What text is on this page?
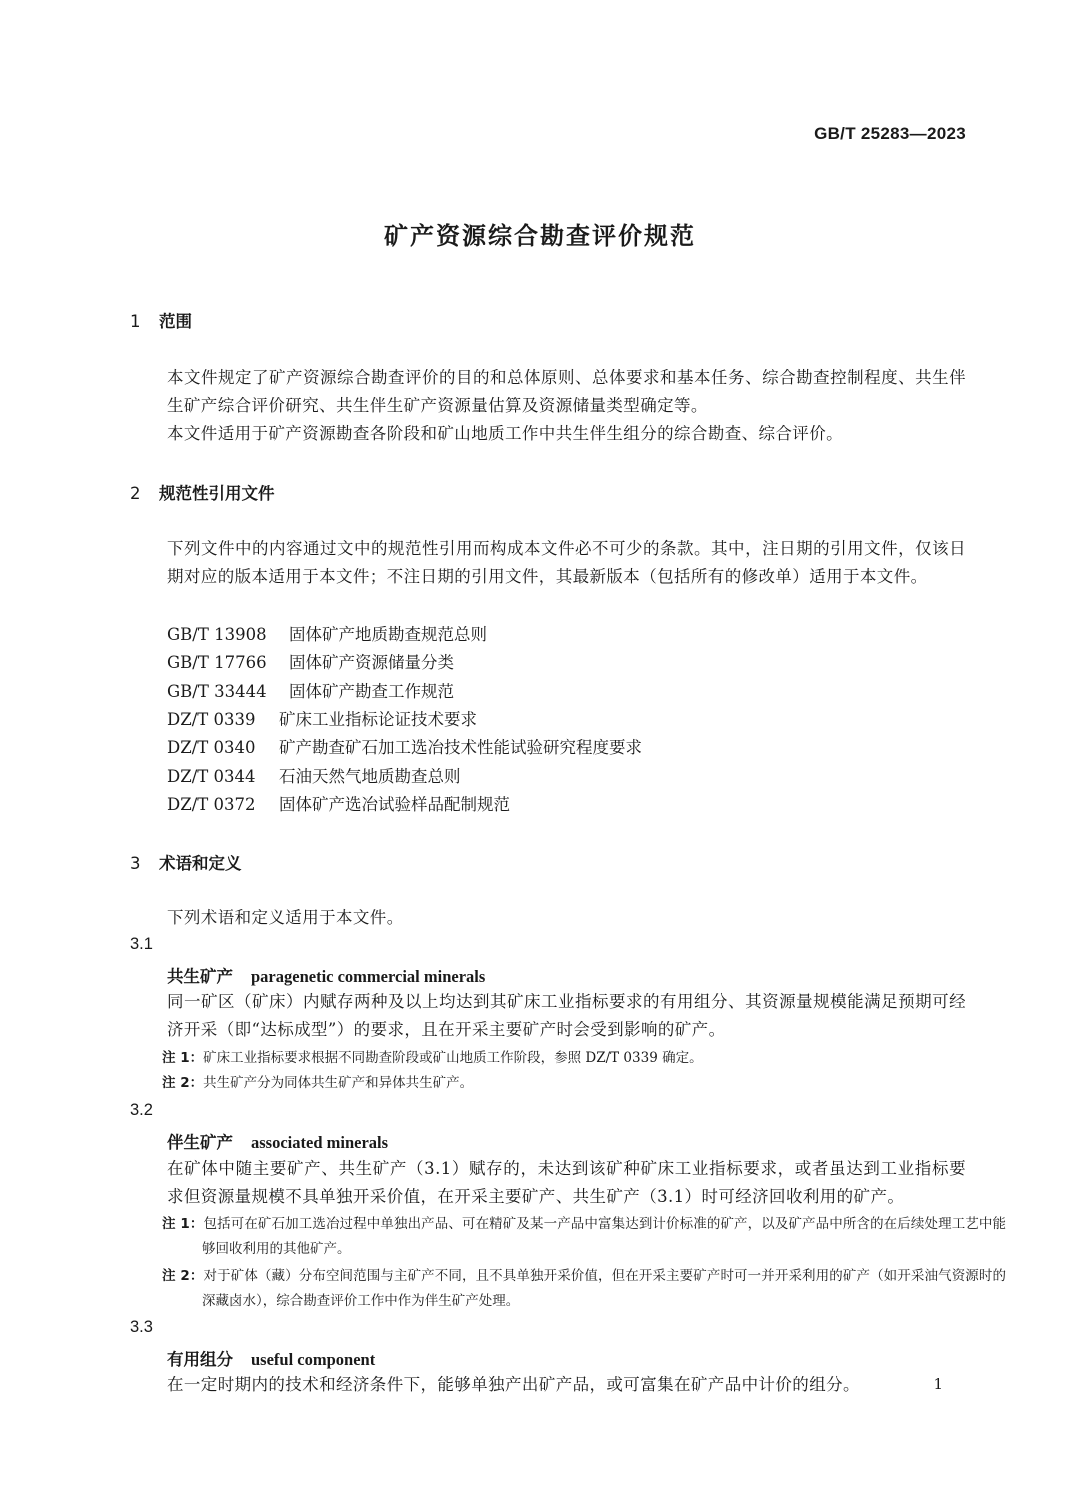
GB/T 25283—2023
矿产资源综合勘查评价规范
1 范围
本文件规定了矿产资源综合勘查评价的目的和总体原则、总体要求和基本任务、综合勘查控制程度、共生伴生矿产综合评价研究、共生伴生矿产资源量估算及资源储量类型确定等。
本文件适用于矿产资源勘查各阶段和矿山地质工作中共生伴生组分的综合勘查、综合评价。
2 规范性引用文件
下列文件中的内容通过文中的规范性引用而构成本文件必不可少的条款。其中，注日期的引用文件，仅该日期对应的版本适用于本文件；不注日期的引用文件，其最新版本（包括所有的修改单）适用于本文件。
GB/T 13908 固体矿产地质勘查规范总则
GB/T 17766 固体矿产资源储量分类
GB/T 33444 固体矿产勘查工作规范
DZ/T 0339 矿床工业指标论证技术要求
DZ/T 0340 矿产勘查矿石加工选冶技术性能试验研究程度要求
DZ/T 0344 石油天然气地质勘查总则
DZ/T 0372 固体矿产选冶试验样品配制规范
3 术语和定义
下列术语和定义适用于本文件。
3.1
共生矿产 paragenetic commercial minerals
同一矿区（矿床）内赋存两种及以上均达到其矿床工业指标要求的有用组分、其资源量规模能满足预期可经济开采（即“达标成型”）的要求，且在开采主要矿产时会受到影响的矿产。
注 1：矿床工业指标要求根据不同勘查阶段或矿山地质工作阶段，参照 DZ/T 0339 确定。
注 2：共生矿产分为同体共生矿产和异体共生矿产。
3.2
伴生矿产 associated minerals
在矿体中随主要矿产、共生矿产（3.1）赋存的，未达到该矿种矿床工业指标要求，或者虽达到工业指标要求但资源量规模不具单独开采价值，在开采主要矿产、共生矿产（3.1）时可经济回收利用的矿产。
注 1：包括可在矿石加工选冶过程中单独出产品、可在精矿及某一产品中富集达到计价标准的矿产，以及矿产品中所含的在后续处理工艺中能够回收利用的其他矿产。
注 2：对于矿体（藏）分布空间范围与主矿产不同，且不具单独开采价值，但在开采主要矿产时可一并开采利用的矿产（如开采油气资源时的深藏卤水），综合勘查评价工作中作为伴生矿产处理。
3.3
有用组分 useful component
在一定时期内的技术和经济条件下，能够单独产出矿产品，或可富集在矿产品中计价的组分。	1
